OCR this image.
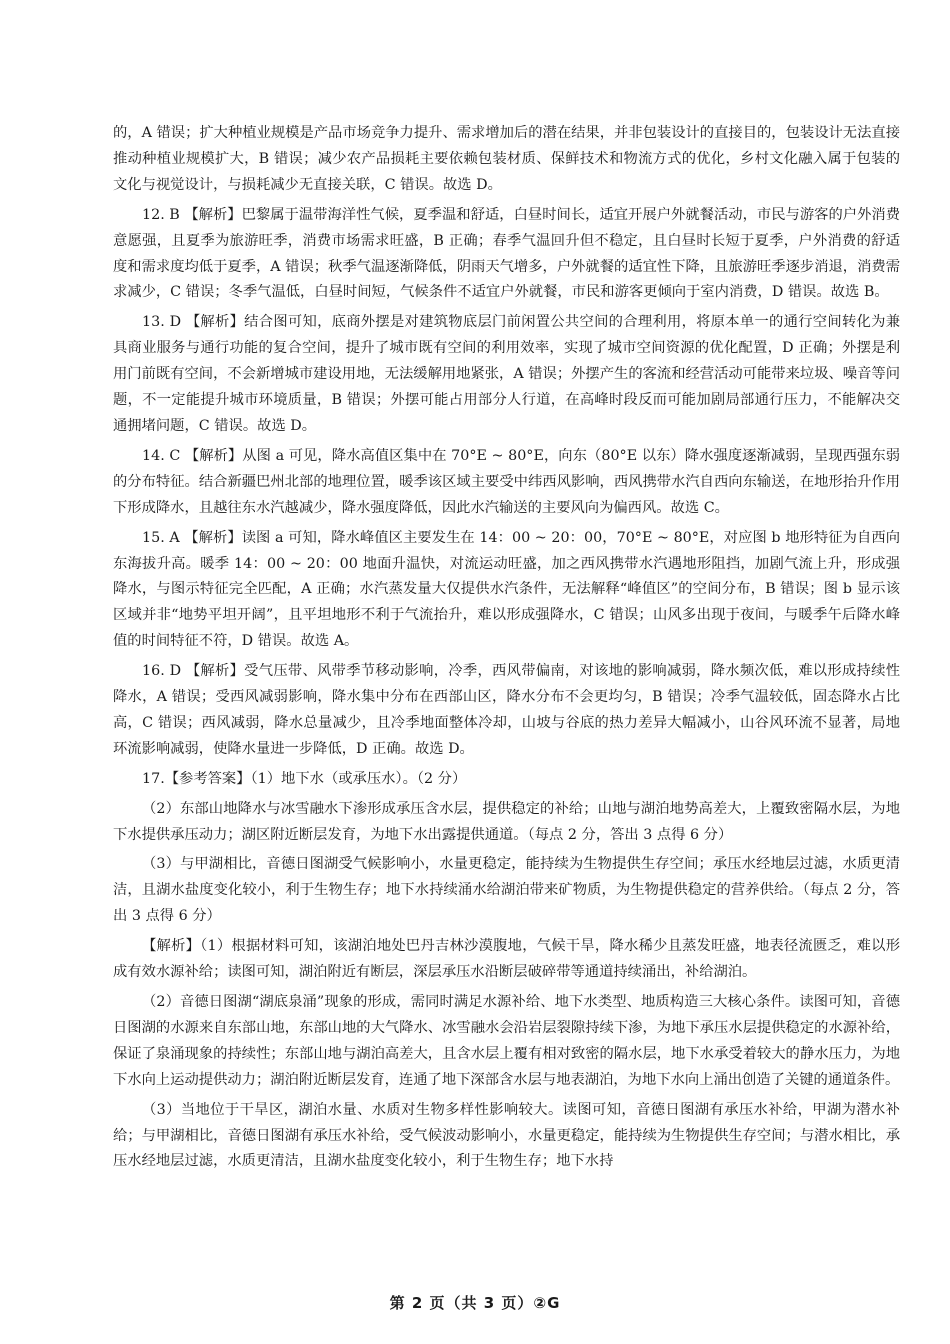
的，A 错误；扩大种植业规模是产品市场竞争力提升、需求增加后的潜在结果，并非包装设计的直接目的，包装设计无法直接推动种植业规模扩大，B 错误；减少农产品损耗主要依赖包装材质、保鲜技术和物流方式的优化，乡村文化融入属于包装的文化与视觉设计，与损耗减少无直接关联，C 错误。故选 D。

12. B 【解析】巴黎属于温带海洋性气候，夏季温和舒适，白昼时间长，适宜开展户外就餐活动，市民与游客的户外消费意愿强，且夏季为旅游旺季，消费市场需求旺盛，B 正确；春季气温回升但不稳定，且白昼时长短于夏季，户外消费的舒适度和需求度均低于夏季，A 错误；秋季气温逐渐降低，阴雨天气增多，户外就餐的适宜性下降，且旅游旺季逐步消退，消费需求减少，C 错误；冬季气温低，白昼时间短，气候条件不适宜户外就餐，市民和游客更倾向于室内消费，D 错误。故选 B。

13. D 【解析】结合图可知，底商外摆是对建筑物底层门前闲置公共空间的合理利用，将原本单一的通行空间转化为兼具商业服务与通行功能的复合空间，提升了城市既有空间的利用效率，实现了城市空间资源的优化配置，D 正确；外摆是利用门前既有空间，不会新增城市建设用地，无法缓解用地紧张，A 错误；外摆产生的客流和经营活动可能带来垃圾、噪音等问题，不一定能提升城市环境质量，B 错误；外摆可能占用部分人行道，在高峰时段反而可能加剧局部通行压力，不能解决交通拥堵问题，C 错误。故选 D。

14. C 【解析】从图 a 可见，降水高值区集中在 70°E ~ 80°E，向东（80°E 以东）降水强度逐渐减弱，呈现西强东弱的分布特征。结合新疆巴州北部的地理位置，暖季该区域主要受中纬西风影响，西风携带水汽自西向东输送，在地形抬升作用下形成降水，且越往东水汽越减少，降水强度降低，因此水汽输送的主要风向为偏西风。故选 C。

15. A 【解析】读图 a 可知，降水峰值区主要发生在 14：00 ~ 20：00，70°E ~ 80°E，对应图 b 地形特征为自西向东海拔升高。暖季 14：00 ~ 20：00 地面升温快，对流运动旺盛，加之西风携带水汽遇地形阻挡，加剧气流上升，形成强降水，与图示特征完全匹配，A 正确；水汽蒸发量大仅提供水汽条件，无法解释“峰值区”的空间分布，B 错误；图 b 显示该区域并非“地势平坦开阔”，且平坦地形不利于气流抬升，难以形成强降水，C 错误；山风多出现于夜间，与暖季午后降水峰值的时间特征不符，D 错误。故选 A。

16. D 【解析】受气压带、风带季节移动影响，冷季，西风带偏南，对该地的影响减弱，降水频次低，难以形成持续性降水，A 错误；受西风减弱影响，降水集中分布在西部山区，降水分布不会更均匀，B 错误；冷季气温较低，固态降水占比高，C 错误；西风减弱，降水总量减少，且冷季地面整体冷却，山坡与谷底的热力差异大幅减小，山谷风环流不显著，局地环流影响减弱，使降水量进一步降低，D 正确。故选 D。

17.【参考答案】（1）地下水（或承压水）。（2 分）

（2）东部山地降水与冰雪融水下渗形成承压含水层，提供稳定的补给；山地与湖泊地势高差大，上覆致密隔水层，为地下水提供承压动力；湖区附近断层发育，为地下水出露提供通道。（每点 2 分，答出 3 点得 6 分）

（3）与甲湖相比，音德日图湖受气候影响小，水量更稳定，能持续为生物提供生存空间；承压水经地层过滤，水质更清洁，且湖水盐度变化较小，利于生物生存；地下水持续涌水给湖泊带来矿物质，为生物提供稳定的营养供给。（每点 2 分，答出 3 点得 6 分）

【解析】（1）根据材料可知，该湖泊地处巴丹吉林沙漠腹地，气候干旱，降水稀少且蒸发旺盛，地表径流匮乏，难以形成有效水源补给；读图可知，湖泊附近有断层，深层承压水沿断层破碎带等通道持续涌出，补给湖泊。

（2）音德日图湖“湖底泉涌”现象的形成，需同时满足水源补给、地下水类型、地质构造三大核心条件。读图可知，音德日图湖的水源来自东部山地，东部山地的大气降水、冰雪融水会沿岩层裂隙持续下渗，为地下承压水层提供稳定的水源补给，保证了泉涌现象的持续性；东部山地与湖泊高差大，且含水层上覆有相对致密的隔水层，地下水承受着较大的静水压力，为地下水向上运动提供动力；湖泊附近断层发育，连通了地下深部含水层与地表湖泊，为地下水向上涌出创造了关键的通道条件。

（3）当地位于干旱区，湖泊水量、水质对生物多样性影响较大。读图可知，音德日图湖有承压水补给，甲湖为潜水补给；与甲湖相比，音德日图湖有承压水补给，受气候波动影响小，水量更稳定，能持续为生物提供生存空间；与潜水相比，承压水经地层过滤，水质更清洁，且湖水盐度变化较小，利于生物生存；地下水持

第 2 页（共 3 页）②G
